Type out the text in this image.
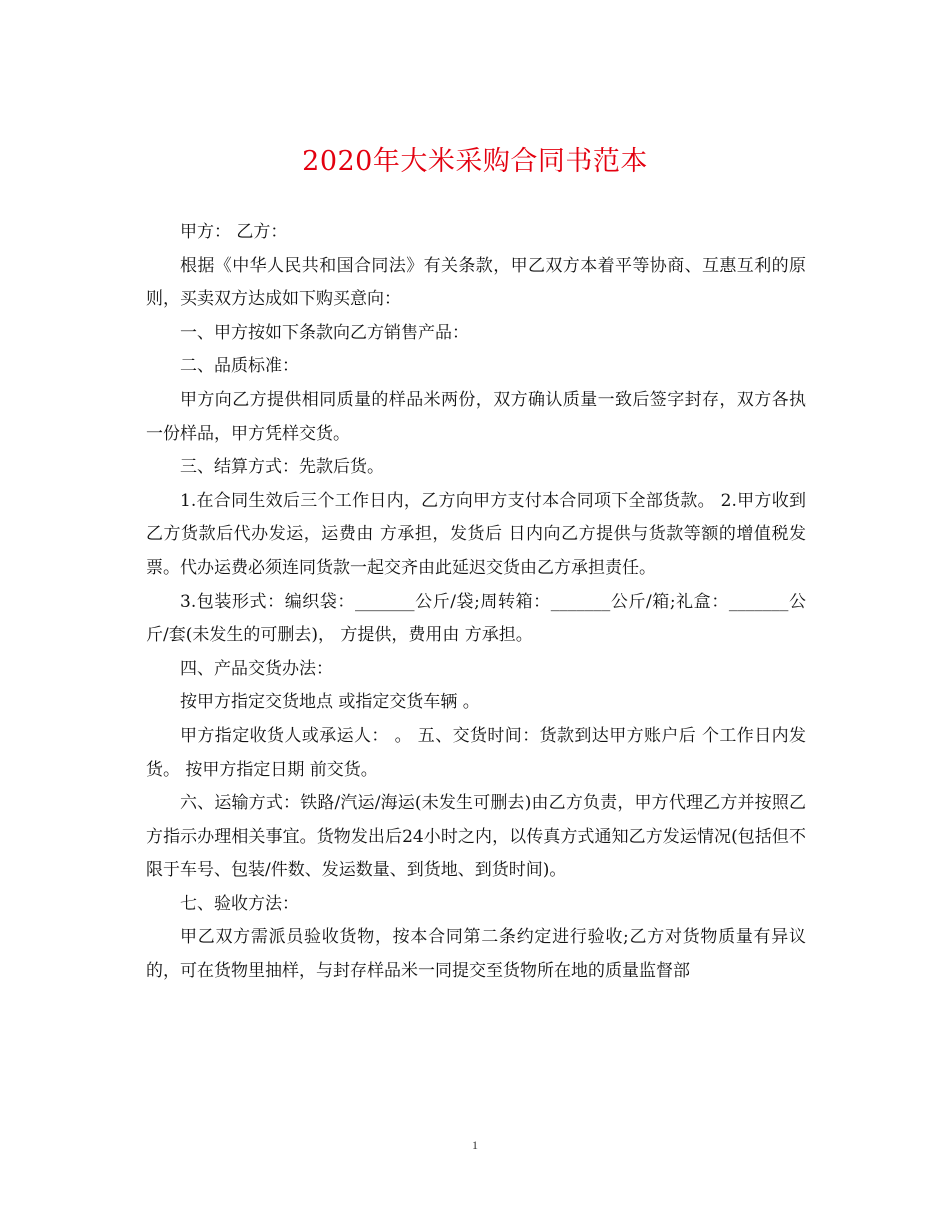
2020年大米采购合同书范本

甲方： 乙方：

根据《中华人民共和国合同法》有关条款，甲乙双方本着平等协商、互惠互利的原则，买卖双方达成如下购买意向：

一、甲方按如下条款向乙方销售产品：

二、品质标准：

甲方向乙方提供相同质量的样品米两份，双方确认质量一致后签字封存，双方各执一份样品，甲方凭样交货。

三、结算方式：先款后货。

1.在合同生效后三个工作日内，乙方向甲方支付本合同项下全部货款。 2.甲方收到乙方货款后代办发运，运费由 方承担，发货后 日内向乙方提供与货款等额的增值税发票。代办运费必须连同货款一起交齐由此延迟交货由乙方承担责任。

3.包装形式：编织袋：_______公斤/袋;周转箱：_______公斤/箱;礼盒：_______公斤/套(未发生的可删去)， 方提供，费用由 方承担。

四、产品交货办法：

按甲方指定交货地点 或指定交货车辆 。

甲方指定收货人或承运人： 。 五、交货时间：货款到达甲方账户后 个工作日内发货。 按甲方指定日期 前交货。

六、运输方式：铁路/汽运/海运(未发生可删去)由乙方负责，甲方代理乙方并按照乙方指示办理相关事宜。货物发出后24小时之内，以传真方式通知乙方发运情况(包括但不限于车号、包装/件数、发运数量、到货地、到货时间)。

七、验收方法：

甲乙双方需派员验收货物，按本合同第二条约定进行验收;乙方对货物质量有异议的，可在货物里抽样，与封存样品米一同提交至货物所在地的质量监督部

1
